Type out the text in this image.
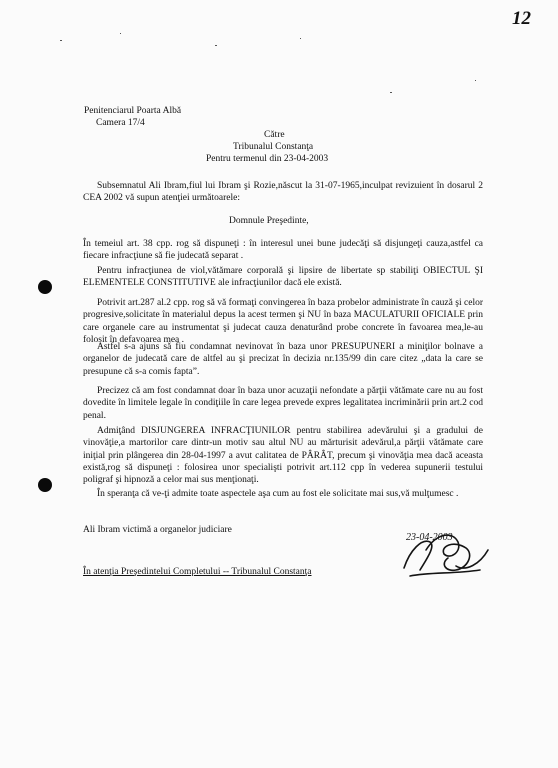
12
Penitenciarul Poarta Albă
Camera 17/4
Către
Tribunalul Constanţa
Pentru termenul din 23-04-2003
Subsemnatul Ali Ibram,fiul lui Ibram şi Rozie,născut la 31-07-1965,inculpat revizuient în dosarul 2 CEA 2002 vă supun atenţiei următoarele:
Domnule Preşedinte,
În temeiul art. 38 cpp. rog să dispuneţi : în interesul unei bune judecăţi să disjungeţi cauza,astfel ca fiecare infracţiune să fie judecată separat .
Pentru infracţiunea de viol,vătămare corporală şi lipsire de libertate sp stabiliţi OBIECTUL ŞI ELEMENTELE CONSTITUTIVE ale infracţiunilor dacă ele există.
Potrivit art.287 al.2 cpp. rog să vă formaţi convingerea în baza probelor administrate în cauză şi celor progresive,solicitate în materialul depus la acest termen şi NU în baza MACULATURII OFICIALE prin care organele care au instrumentat şi judecat cauza denaturând probe concrete în favoarea mea,le-au folosit în defavoarea mea .
Astfel s-a ajuns să fiu condamnat nevinovat în baza unor PRESUPUNERI a miniţilor bolnave a organelor de judecată care de altfel au şi precizat în decizia nr.135/99 din care citez „data la care se presupune că s-a comis fapta”.
Precizez că am fost condamnat doar în baza unor acuzaţii nefondate a părţii vătămate care nu au fost dovedite în limitele legale în condiţiile în care legea prevede expres legalitatea incriminării prin art.2 cod penal.
Admiţând DISJUNGEREA INFRACŢIUNILOR pentru stabilirea adevărului şi a gradului de vinovăţie,a martorilor care dintr-un motiv sau altul NU au mărturisit adevărul,a părţii vătămate care iniţial prin plângerea din 28-04-1997 a avut calitatea de PÂRÂT, precum şi vinovăţia mea dacă aceasta există,rog să dispuneţi : folosirea unor specialişti potrivit art.112 cpp în vederea supunerii testului poligraf şi hipnoză a celor mai sus menţionaţi.
În speranţa că ve-ţi admite toate aspectele aşa cum au fost ele solicitate mai sus,vă mulţumesc .
Ali Ibram victimă a organelor judiciare
23-04-2003
În atenţia Preşedintelui Completului -- Tribunalul Constanţa
